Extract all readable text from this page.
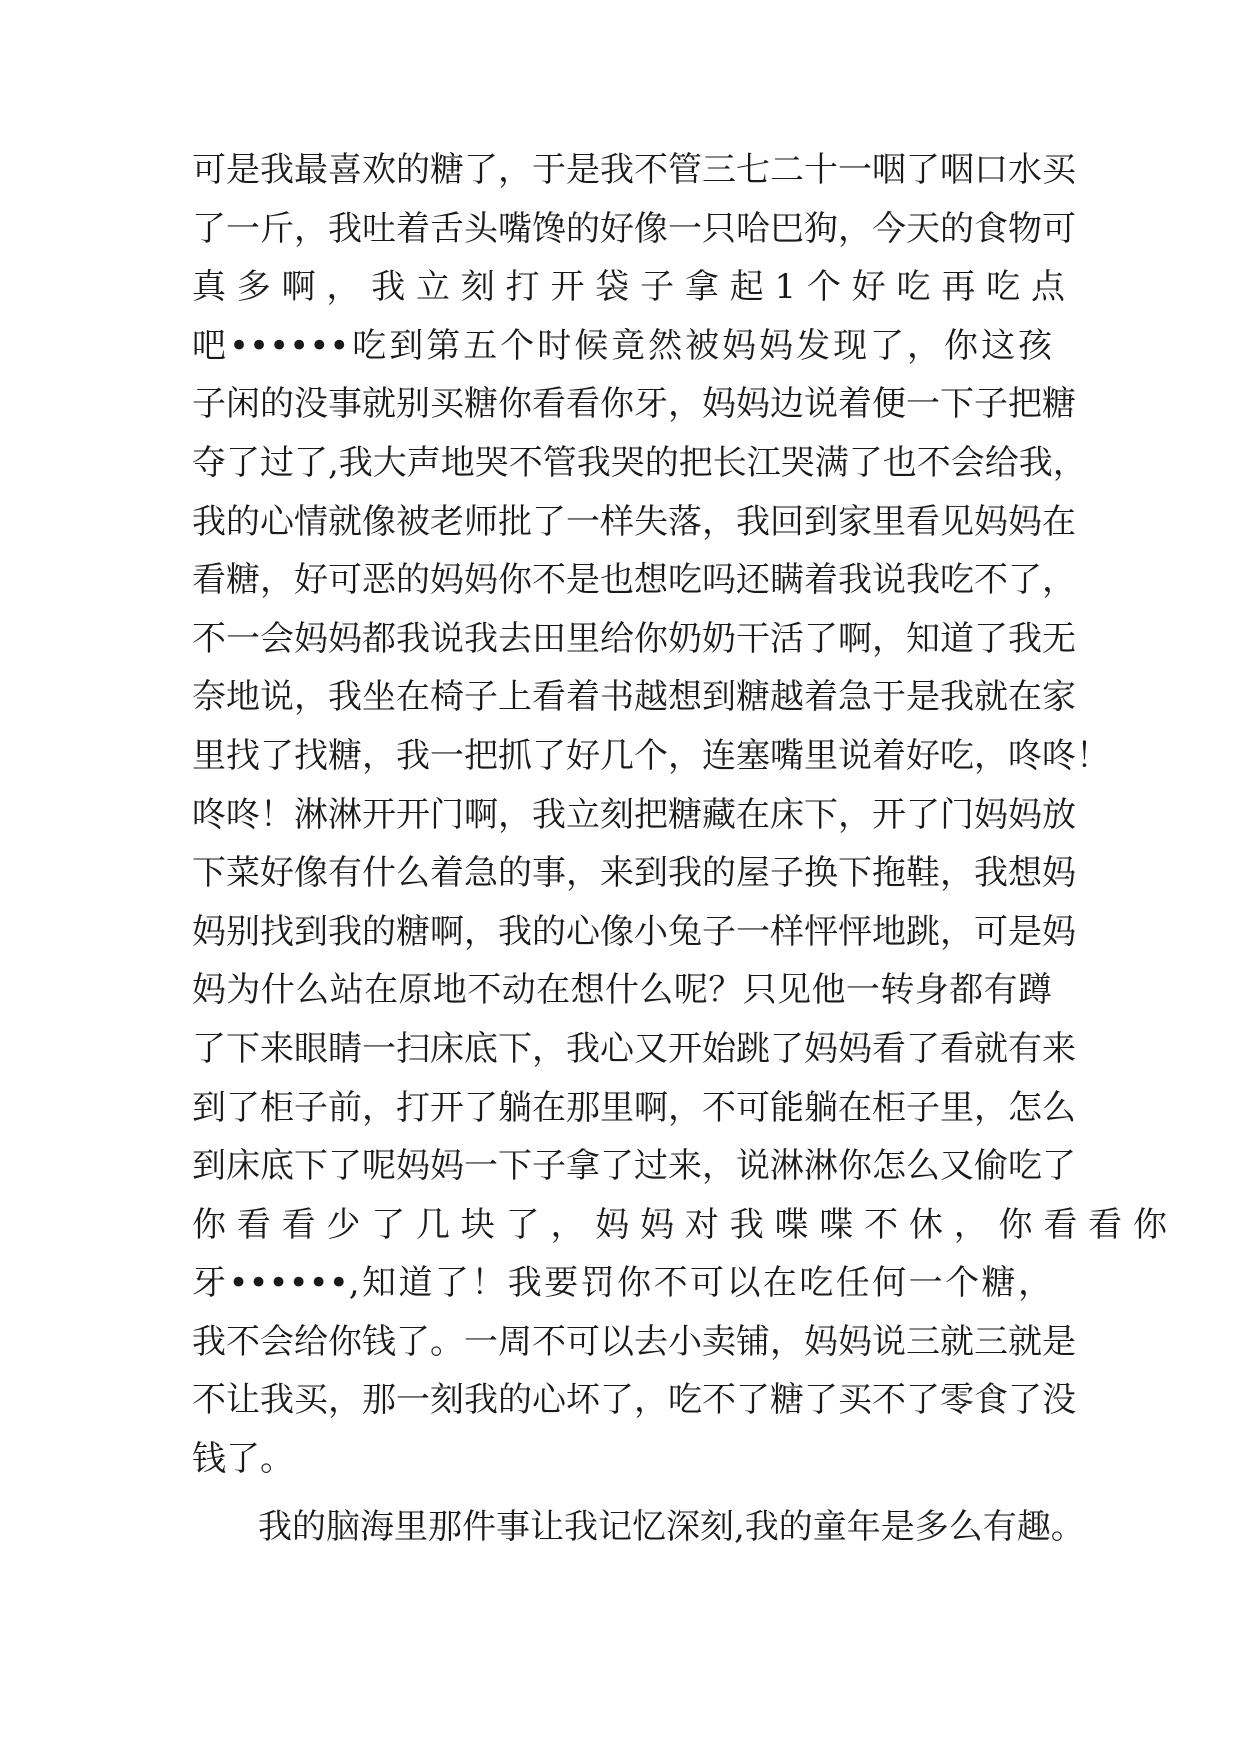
可是我最喜欢的糖了，于是我不管三七二十一咽了咽口水买
了一斤，我吐着舌头嘴馋的好像一只哈巴狗，今天的食物可
真 多 啊 ， 我 立 刻 打 开 袋 子 拿 起 1 个 好 吃 再 吃 点
吧••••••吃到第五个时候竟然被妈妈发现了，你这孩
子闲的没事就别买糖你看看你牙，妈妈边说着便一下子把糖
夺了过了,我大声地哭不管我哭的把长江哭满了也不会给我，
我的心情就像被老师批了一样失落，我回到家里看见妈妈在
看糖，好可恶的妈妈你不是也想吃吗还瞒着我说我吃不了，
不一会妈妈都我说我去田里给你奶奶干活了啊，知道了我无
奈地说，我坐在椅子上看着书越想到糖越着急于是我就在家
里找了找糖，我一把抓了好几个，连塞嘴里说着好吃，咚咚！
咚咚！淋淋开开门啊，我立刻把糖藏在床下，开了门妈妈放
下菜好像有什么着急的事，来到我的屋子换下拖鞋，我想妈
妈别找到我的糖啊，我的心像小兔子一样怦怦地跳，可是妈
妈为什么站在原地不动在想什么呢？只见他一转身都有蹲
了下来眼睛一扫床底下，我心又开始跳了妈妈看了看就有来
到了柜子前，打开了躺在那里啊，不可能躺在柜子里，怎么
到床底下了呢妈妈一下子拿了过来，说淋淋你怎么又偷吃了
你 看 看 少 了 几 块 了 ， 妈 妈 对 我 喋 喋 不 休 ， 你 看 看 你
牙••••••,知道了！我要罚你不可以在吃任何一个糖，
我不会给你钱了。一周不可以去小卖铺，妈妈说三就三就是
不让我买，那一刻我的心坏了，吃不了糖了买不了零食了没
钱了。
我的脑海里那件事让我记忆深刻,我的童年是多么有趣。
